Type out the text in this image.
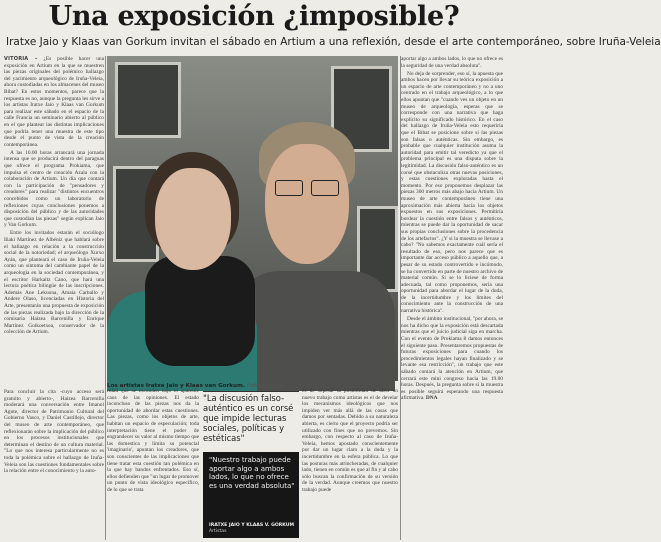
Una exposición ¿imposible?
Iratxe Jaio y Klaas van Gorkum invitan el sábado en Artium a una reflexión, desde el arte contemporáneo, sobre Iruña-Veleia

VITORIA – ¿Es posible hacer una exposición en Artium en la que se muestren las piezas originales del polémico hallazgo del yacimiento arqueológico de Iruña-Veleia, ahora custodiadas en los almacenes del museo Bibat? En estos momentos, parece que la respuesta es no, aunque la pregunta les sirve a los artistas Iratxe Jaio y Klaas van Gorkum para realizar este sábado en el espacio de la calle Francia un seminario abierto al público en el que plantear las distintas implicaciones que podría tener una muestra de este tipo desde el punto de vista de la creación contemporánea.

A las 10.00 horas arrancará una jornada intensa que se producirá dentro del paraguas que ofrece el programa Prokiama, que impulsa el centro de creación Azala con la colaboración de Artium. Un día que contará con la participación de "pensadores y creadores" para realizar "distintos encuentros concebidos como un laboratorio de reflexiones cuyas conclusiones ponemos a disposición del público y de las autoridades que custodian las piezas" según explican Jaio y Van Gorkum.

Entre los invitados estarán el sociólogo Iñaki Martínez de Albéniz que hablará sobre el hallazgo en relación a la construcción social de la notoriedad; el arqueólogo Xurxo Ayán, que planteará el caso de Iruña-Veleia como un síntoma del cambiante papel de la arqueología en la sociedad contemporánea, y el escritor Harkaitz Cano, que hará una lectura poética bilingüe de las inscripciones. Además Ane Lekuona, Amaia Carballo y Andere Olaso, licenciadas en Historia del Arte, presentarán una propuesta de exposición de las piezas realizada bajo la dirección de la comisaria Haizea Barcenilla y Enrique Martínez Goikoetxea, conservador de la colección de Artium.

Los artistas Iratxe Jaio y Klaas van Gorkum. Foto: Cedida

Para concluir la cita -cuyo acceso será gratuito y abierto-, Haizea Barcenilla moderará una conversación entre Imanol Agote, director de Patrimonio Cultural del Gobierno Vasco, y Daniel Castillejo, director del museo de arte contemporáneo, que reflexionarán sobre la implicación del público en los procesos institucionales que determinan el destino de un cultura material. "Lo que nos interesa particularmente no es toda la polémica sobre el hallazgo de Iruña-Veleia son las cuestiones fundamentales sobre la relación entre el conocimiento y la auto-

ridad que se esconden bajo el aparente caos de las opiniones. El estado inconcluso de las piezas nos da la oportunidad de abordar estas cuestiones. Las piezas, como los objetos de arte, habitan un espacio de especulación; toda interpretación tiene el poder de engrandecer su valor al mismo tiempo que las domestica y limita su potencial 'imaginario', apuntan los creadores, que son conscientes de las implicaciones que tiene tratar esta cuestión tan polémica en la que hay bandos enfrentados. Eso sí, ellos defienden que "un lugar de promover un punto de vista ideológico específico, de lo que se trata

"La discusión falso-auténtico es un corsé que impide lecturas sociales, políticas y estéticas"
"Nuestro trabajo puede aportar algo a ambos lados, lo que no ofrece es una verdad absoluta"
IRATXE JAIO Y KLAAS V. GORKUM
Artistas

es de sopesar la posibilidad de abrir un nuevo trabajo como artistas es el de develar los mecanismos ideológicos que nos impiden ver más allá de las cosas que damos por sentadas. Debido a su naturaleza abierta, es cierto que el proyecto podría ser utilizado con fines que no prevemos. Sin embargo, con respecto al caso de Iruña-Veleia, hemos apostado conscientemente por dar un lugar claro a la duda y la incertidumbre en la esfera pública. Lo que las posturas más atrincheradas, de cualquier lado, tienen en común es que al fin y al cabo sólo buscan la confirmación de su versión de la verdad. Aunque creemos que nuestro trabajo puede

aportar algo a ambos lados, lo que no ofrece es la seguridad de una verdad absoluta".

No deja de sorprender, eso sí, la apuesta que ambos hacen por llevar su teórica exposición a un espacio de arte contemporáneo y no a uno centrado en el trabajo arqueológico, a lo que ellos apuntan que "cuando ves un objeto en un museo de arqueología, esperas que se corresponde con una narrativa que haga explícito su significado histórico. En el caso del hallazgo de Iruña-Veleia esto requeriría que el Bibat se posicione sobre si las piezas son falsas o auténticas. Sin embargo, es probable que cualquier institución asuma la autoridad para emitir tal veredicto ya que el problema principal es una disputa sobre la legitimidad. La discusión falso-auténtico es un corsé que obstaculiza otras nuevas posiciones, y estas cuestiones exploradas hasta el momento. Por eso proponemos desplazar las piezas 300 metros más abajo hacia Artium. Un museo de arte contemporáneo tiene una aproximación más abierta hacia los objetos expuestos en sus exposiciones. Permitiría bordear la cuestión entre falsos y auténticos, mientras se puede dar la oportunidad de sacar sus propias conclusiones sobre la procedencia de los artefactos". ¿Y si la muestra se llevase a cabo? "No sabemos exactamente cuál sería el resultado de eso, pero nos parece que es importante dar acceso público a aquello que, a pesar de su estado controvertido e incómodo, se ha convertido en parte de nuestro archivo de material común. Si se lo liciese de forma adecuada, tal como proponemos, sería una oportunidad para abordar el lugar de la duda, de la incertidumbre y los limites del conocimiento ante la construcción de una narrativa histórica".

Desde el ámbito institucional, "por ahora, se nos ha dicho que la exposición está descartada mientras que el juicio judicial siga en marcha. Con el evento de Prokiama 8 damos entonces el siguiente paso. Presentaremos propuestas de futuras exposiciones para cuando los procedimientos legales hayan finalizado y se levante esa restricción", un trabajo que este sábado contará la atención en Artium, que cerrará este mini congreso hacia las 19.00 horas. Después, la pregunta sobre si la muestra es posible seguirá esperando una respuesta afirmativa. DNA
